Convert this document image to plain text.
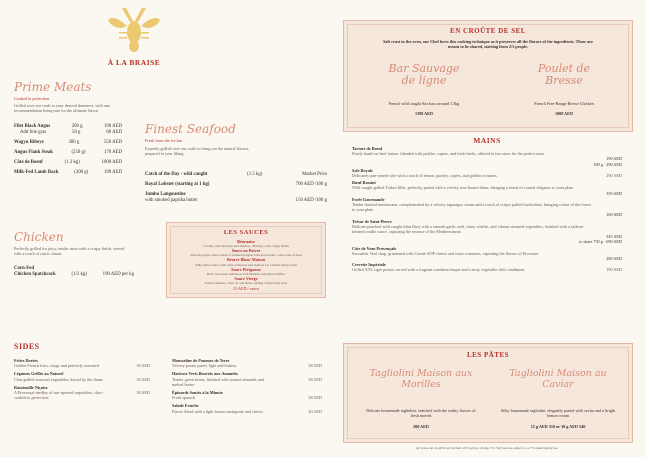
À LA BRAISE
Prime Meats
Cooked to perfection
Grilled over our coals to your desired doneness, with one recommendation being rare for the ultimate flavor.
Filet Black Angus	200 g	190 AED
Add foie gras	50 g	60 AED
Wagyu Ribeye	300 g	550 AED
Angus Flank Steak	(250 g)	170 AED
Côte de Boeuf	(1.3 kg)	1000 AED
Milk-Fed Lamb Rack	(300 g)	190 AED
Finest Seafood
Fresh from the ice bar
Expertly grilled over our coals to bring out the natural flavors, prepared to your liking.
Catch of the Day - wild caught	(1.5 kg)	Market Price
Royal Lobster (starting at 1 kg)	700 AED /100 g
Jumbo Langoustine
with smoked paprika butter	150 AED /100 g
Chicken
Perfectly grilled for juicy, tender meat with a crispy finish, served with a touch of rustic charm.
Corn-Fed
Chicken Spatchcock	(1/2 kg)	190 AED per kg
LES SAUCES
Béarnaise
Creamy with tarragon and shallots, offering a rich, tangy finish
Sauce au Poivre
Smooth pepper sauce blend of crushed peppercorns and brandy, with a bite of heat
Beurre Blanc Maison
Silky butter sauce with wine reduction and shallots for a subtle fruity touch
Sauce Périgueux
Rich veal stock reduction with Madeira and black truffles
Sauce Vierge
Fresh tomatoes, olive oil and herbs, adding a light zesty note
15 AED / sauce
EN CROÛTE DE SEL
Salt crust in the oven, our Chef loves this cooking technique as it preserves all the flavors of the ingredients. These are meant to be shared, starting from 2/3 people.
Bar Sauvage de ligne
French wild caught Sea bass around 1.5kg
1390 AED
Poulet de Bresse
French Free-Range Bresse Chicken
1000 AED
MAINS
Tartare de Boeuf
Finely hand-cut beef tartare, blended with pickles, capers, and fresh herbs, offered in two sizes for the perfect taste
190 AED
180 g · 290 AED
Sole Royale
Delicately pan-seared sole with a touch of lemon, parsley, capers, and golden croutons	290 AED
Bœuf Rossini
Wild caught grilled Turbot fillet, perfectly paired with a velvety rose beurre blanc, bringing a touch of coastal elegance to your plate
350 AED
Forêt Gourmande
Tender braised mushrooms, complemented by a velvety asparagus cream and a touch of crispy puffed buckwheat, bringing a taste of the forest to your plate
160 AED
Trésor de Saint-Pierre
Delicate-poached wild caught John Dory with a smooth garlic aioli, briny whelks, and vibrant steamed vegetables, finished with a saffron-infused rouille sauce, capturing the essence of the Mediterranean
345 AED
to share 750 g · 690 AED
Côte de Veau Provençale
Succulent Veal chop, gratinated with Comté AOP cheese and rustic tomatoes, capturing the flavors of Provence
280 AED
Crevette Impériale
Grilled XXL tiger prawn, served with a fragrant combava bisque and a zesty vegetable chili condiment	190 AED
SIDES
Frites Dorées
Golden French fries, crispy and perfectly seasoned	38 AED
Légumes Grillés au Naturel
Char-grilled seasonal vegetables, kissed by the flame	38 AED
Ratatouille Niçoise
A Provençal medley of sun-ripened vegetables, slow-cooked to perfection
38 AED
Mousseline de Pommes de Terre
Velvety potato purée, light and buttery	38 AED
Haricots Verts Beurrés aux Amandes
Tender green beans, finished with toasted almonds and melted butter
38 AED
Épinards Sautés à la Minute
Fresh spinach	38 AED
Salade Fraîche
Flavor Salad with a light lemon vinaigrette and chives	40 AED
LES PÂTES
Tagliolini Maison aux Morilles
Delicate homemade tagliolini, enriched with the earthy flavors of fresh morels
200 AED
Tagliolini Maison au Caviar
Silky homemade tagliolini, elegantly paired with caviar and a bright lemon cream
15 g AED 310 or 30 g AED 540
All prices are in AED and include 10% service charge, 5% VAT and are subject to a 7% municipality fee.
